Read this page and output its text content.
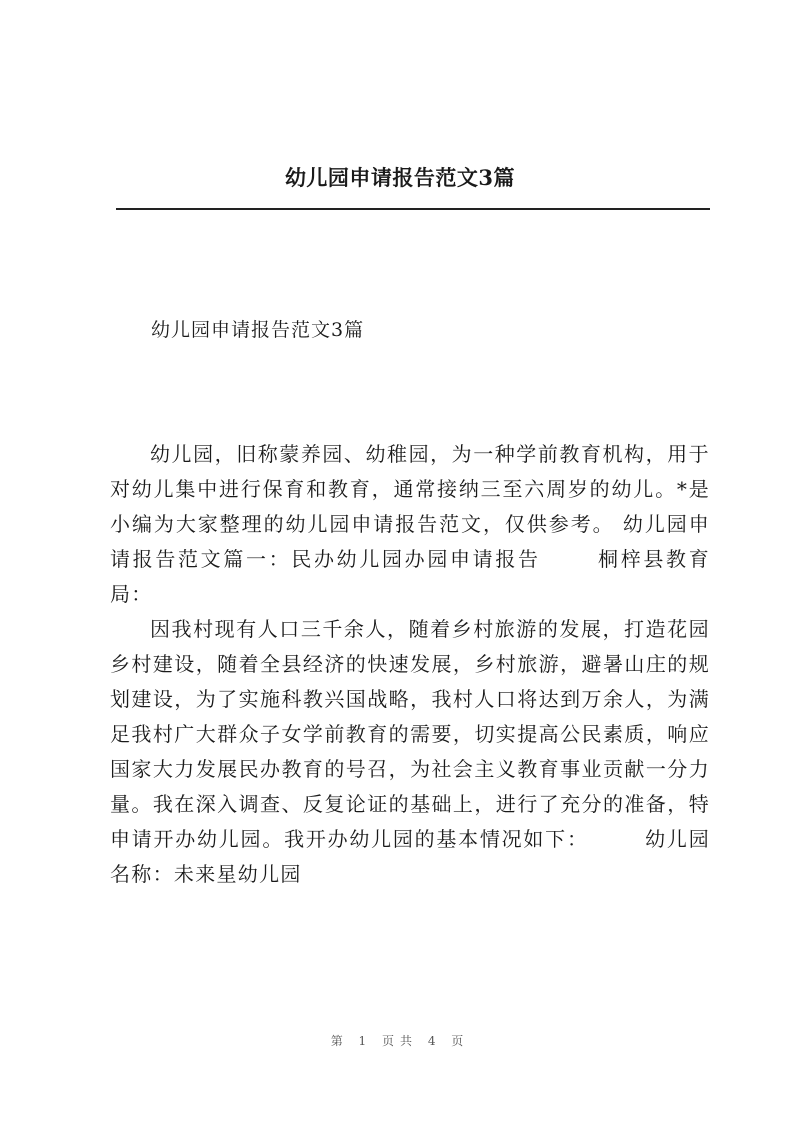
幼儿园申请报告范文3篇
幼儿园申请报告范文3篇

幼儿园，旧称蒙养园、幼稚园，为一种学前教育机构，用于对幼儿集中进行保育和教育，通常接纳三至六周岁的幼儿。*是小编为大家整理的幼儿园申请报告范文，仅供参考。 幼儿园申请报告范文篇一：民办幼儿园办园申请报告	桐梓县教育局：

因我村现有人口三千余人，随着乡村旅游的发展，打造花园乡村建设，随着全县经济的快速发展，乡村旅游，避暑山庄的规划建设，为了实施科教兴国战略，我村人口将达到万余人，为满足我村广大群众子女学前教育的需要，切实提高公民素质，响应国家大力发展民办教育的号召，为社会主义教育事业贡献一分力量。我在深入调查、反复论证的基础上，进行了充分的准备，特申请开办幼儿园。我开办幼儿园的基本情况如下：	幼儿园名称：未来星幼儿园

第 1 页共 4 页
